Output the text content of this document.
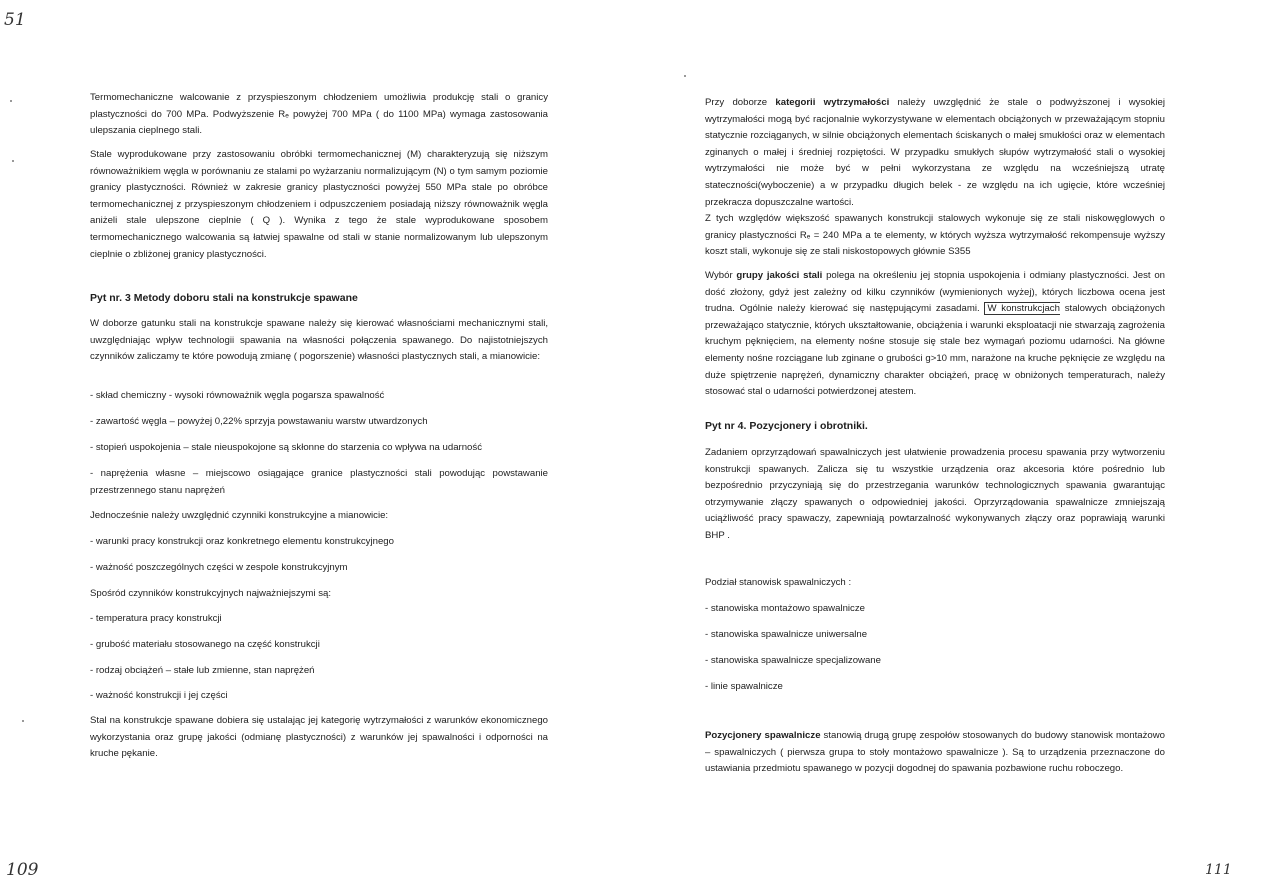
51
109	111
Termomechaniczne walcowanie z przyspieszonym chłodzeniem umożliwia produkcję stali o granicy plastyczności do 700 MPa. Podwyższenie Rₑ powyżej 700 MPa ( do 1100 MPa) wymaga zastosowania ulepszania cieplnego stali.
Stale wyprodukowane przy zastosowaniu obróbki termomechanicznej (M) charakteryzują się niższym równoważnikiem węgla w porównaniu ze stalami po wyżarzaniu normalizującym (N) o tym samym poziomie granicy plastyczności. Również w zakresie granicy plastyczności powyżej 550 MPa stale po obróbce termomechanicznej z przyspieszonym chłodzeniem i odpuszczeniem posiadają niższy równoważnik węgla aniżeli stale ulepszone cieplnie ( Q ). Wynika z tego że stale wyprodukowane sposobem termomechanicznego walcowania są łatwiej spawalne od stali w stanie normalizowanym lub ulepszonym cieplnie o zbliżonej granicy plastyczności.
Pyt nr. 3 Metody doboru stali na konstrukcje spawane
W doborze gatunku stali na konstrukcje spawane należy się kierować własnościami mechanicznymi stali, uwzględniając wpływ technologii spawania na własności połączenia spawanego. Do najistotniejszych czynników zaliczamy te które powodują zmianę ( pogorszenie) własności plastycznych stali, a mianowicie:
- skład chemiczny - wysoki równoważnik węgla pogarsza spawalność
- zawartość węgla – powyżej 0,22% sprzyja powstawaniu warstw utwardzonych
- stopień uspokojenia – stale nieuspokojone są skłonne do starzenia co wpływa na udarność
- naprężenia własne – miejscowo osiągające granice plastyczności stali powodując powstawanie przestrzennego stanu naprężeń
Jednocześnie należy uwzględnić czynniki konstrukcyjne a mianowicie:
- warunki pracy konstrukcji oraz konkretnego elementu konstrukcyjnego
- ważność poszczególnych części w zespole konstrukcyjnym
Spośród czynników konstrukcyjnych najważniejszymi są:
- temperatura pracy konstrukcji
- grubość materiału stosowanego na część konstrukcji
- rodzaj obciążeń – stałe lub zmienne, stan naprężeń
- ważność konstrukcji i jej części
Stal na konstrukcje spawane dobiera się ustalając jej kategorię wytrzymałości z warunków ekonomicznego wykorzystania oraz grupę jakości (odmianę plastyczności) z warunków jej spawalności i odporności na kruche pękanie.
Przy doborze kategorii wytrzymałości należy uwzględnić że stale o podwyższonej i wysokiej wytrzymałości mogą być racjonalnie wykorzystywane w elementach obciążonych w przeważającym stopniu statycznie rozciąganych, w silnie obciążonych elementach ściskanych o małej smukłości oraz w elementach zginanych o małej i średniej rozpiętości. W przypadku smukłych słupów wytrzymałość stali o wysokiej wytrzymałości nie może być w pełni wykorzystana ze względu na wcześniejszą utratę stateczności(wyboczenie) a w przypadku długich belek - ze względu na ich ugięcie, które wcześniej przekracza dopuszczalne wartości.
Z tych względów większość spawanych konstrukcji stalowych wykonuje się ze stali niskowęglowych o granicy plastyczności Rₑ = 240 MPa a te elementy, w których wyższa wytrzymałość rekompensuje wyższy koszt stali, wykonuje się ze stali niskostopowych głównie S355
Wybór grupy jakości stali polega na określeniu jej stopnia uspokojenia i odmiany plastyczności. Jest on dość złożony, gdyż jest zależny od kilku czynników (wymienionych wyżej), których liczbowa ocena jest trudna. Ogólnie należy kierować się następującymi zasadami. W konstrukcjach stalowych obciążonych przeważająco statycznie, których ukształtowanie, obciążenia i warunki eksploatacji nie stwarzają zagrożenia kruchym pęknięciem, na elementy nośne stosuje się stale bez wymagań poziomu udarności. Na główne elementy nośne rozciągane lub zginane o grubości g>10 mm, narażone na kruche pęknięcie ze względu na duże spiętrzenie naprężeń, dynamiczny charakter obciążeń, pracę w obniżonych temperaturach, należy stosować stal o udarności potwierdzonej atestem.
Pyt nr 4. Pozycjonery i obrotniki.
Zadaniem oprzyrządowań spawalniczych jest ułatwienie prowadzenia procesu spawania przy wytworzeniu konstrukcji spawanych. Zalicza się tu wszystkie urządzenia oraz akcesoria które pośrednio lub bezpośrednio przyczyniają się do przestrzegania warunków technologicznych spawania gwarantując otrzymywanie złączy spawanych o odpowiedniej jakości. Oprzyrządowania spawalnicze zmniejszają uciążliwość pracy spawaczy, zapewniają powtarzalność wykonywanych złączy oraz poprawiają warunki BHP .
Podział stanowisk spawalniczych :
- stanowiska montażowo spawalnicze
- stanowiska spawalnicze uniwersalne
- stanowiska spawalnicze specjalizowane
- linie spawalnicze
Pozycjonery spawalnicze stanowią drugą grupę zespołów stosowanych do budowy stanowisk montażowo – spawalniczych ( pierwsza grupa to stoły montażowo spawalnicze ). Są to urządzenia przeznaczone do ustawiania przedmiotu spawanego w pozycji dogodnej do spawania pozbawione ruchu roboczego.
